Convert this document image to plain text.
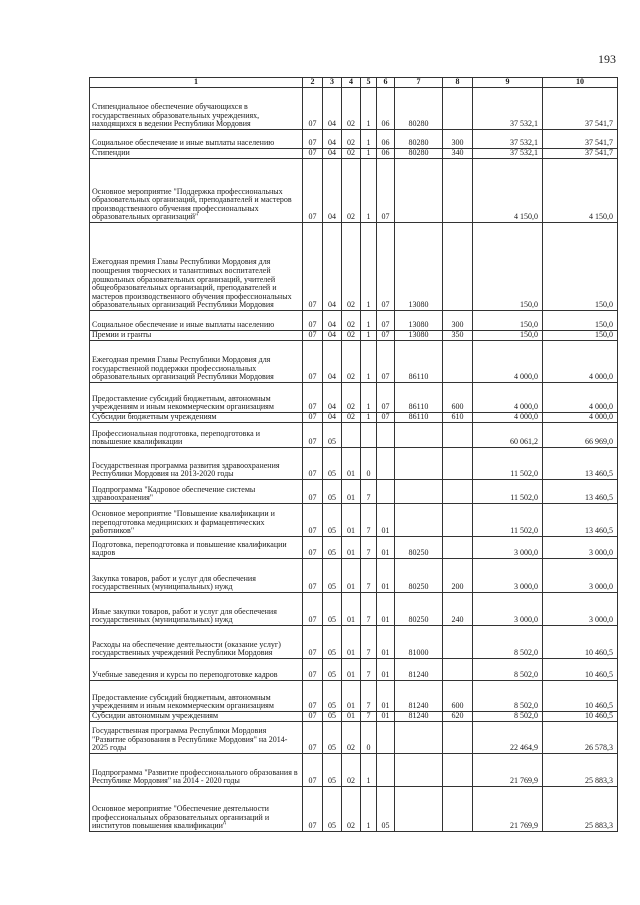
193
1	2	3	4	5	6	7	8	9	10
Стипендиальное обеспечение обучающихся в государственных образовательных учреждениях, находящихся в ведении Республики Мордовия	07	04	02	1	06	80280		37 532,1	37 541,7
Социальное обеспечение и иные выплаты населению	07	04	02	1	06	80280	300	37 532,1	37 541,7
Стипендии	07	04	02	1	06	80280	340	37 532,1	37 541,7
Основное мероприятие "Поддержка профессиональных образовательных организаций, преподавателей и мастеров производственного обучения профессиональных образовательных организаций"	07	04	02	1	07			4 150,0	4 150,0
Ежегодная премия Главы Республики Мордовия для поощрения творческих и талантливых воспитателей дошкольных образовательных организаций, учителей общеобразовательных организаций, преподавателей и мастеров производственного обучения профессиональных образовательных организаций Республики Мордовия	07	04	02	1	07	13080		150,0	150,0
Социальное обеспечение и иные выплаты населению	07	04	02	1	07	13080	300	150,0	150,0
Премии и гранты	07	04	02	1	07	13080	350	150,0	150,0
Ежегодная премия Главы Республики Мордовия для государственной поддержки профессиональных образовательных организаций Республики Мордовия	07	04	02	1	07	86110		4 000,0	4 000,0
Предоставление субсидий бюджетным, автономным учреждениям и иным некоммерческим организациям	07	04	02	1	07	86110	600	4 000,0	4 000,0
Субсидии бюджетным учреждениям	07	04	02	1	07	86110	610	4 000,0	4 000,0
Профессиональная подготовка, переподготовка и повышение квалификации	07	05						60 061,2	66 969,0
Государственная программа развития здравоохранения Республики Мордовия на 2013-2020 годы	07	05	01	0				11 502,0	13 460,5
Подпрограмма "Кадровое обеспечение системы здравоохранения"	07	05	01	7				11 502,0	13 460,5
Основное мероприятие "Повышение квалификации и переподготовка медицинских и фармацевтических работников"	07	05	01	7	01			11 502,0	13 460,5
Подготовка, переподготовка и повышение квалификации кадров	07	05	01	7	01	80250		3 000,0	3 000,0
Закупка товаров, работ и услуг для обеспечения государственных (муниципальных) нужд	07	05	01	7	01	80250	200	3 000,0	3 000,0
Иные закупки товаров, работ и услуг для обеспечения государственных (муниципальных) нужд	07	05	01	7	01	80250	240	3 000,0	3 000,0
Расходы на обеспечение деятельности (оказание услуг) государственных учреждений Республики Мордовия	07	05	01	7	01	81000		8 502,0	10 460,5
Учебные заведения и курсы по переподготовке кадров	07	05	01	7	01	81240		8 502,0	10 460,5
Предоставление субсидий бюджетным, автономным учреждениям и иным некоммерческим организациям	07	05	01	7	01	81240	600	8 502,0	10 460,5
Субсидии автономным учреждениям	07	05	01	7	01	81240	620	8 502,0	10 460,5
Государственная программа Республики Мордовия "Развитие образования в Республике Мордовия" на 2014-2025 годы	07	05	02	0				22 464,9	26 578,3
Подпрограмма "Развитие профессионального образования в Республике Мордовия" на 2014 - 2020 годы	07	05	02	1				21 769,9	25 883,3
Основное мероприятие "Обеспечение деятельности профессиональных образовательных организаций и институтов повышения квалификации"	07	05	02	1	05			21 769,9	25 883,3
